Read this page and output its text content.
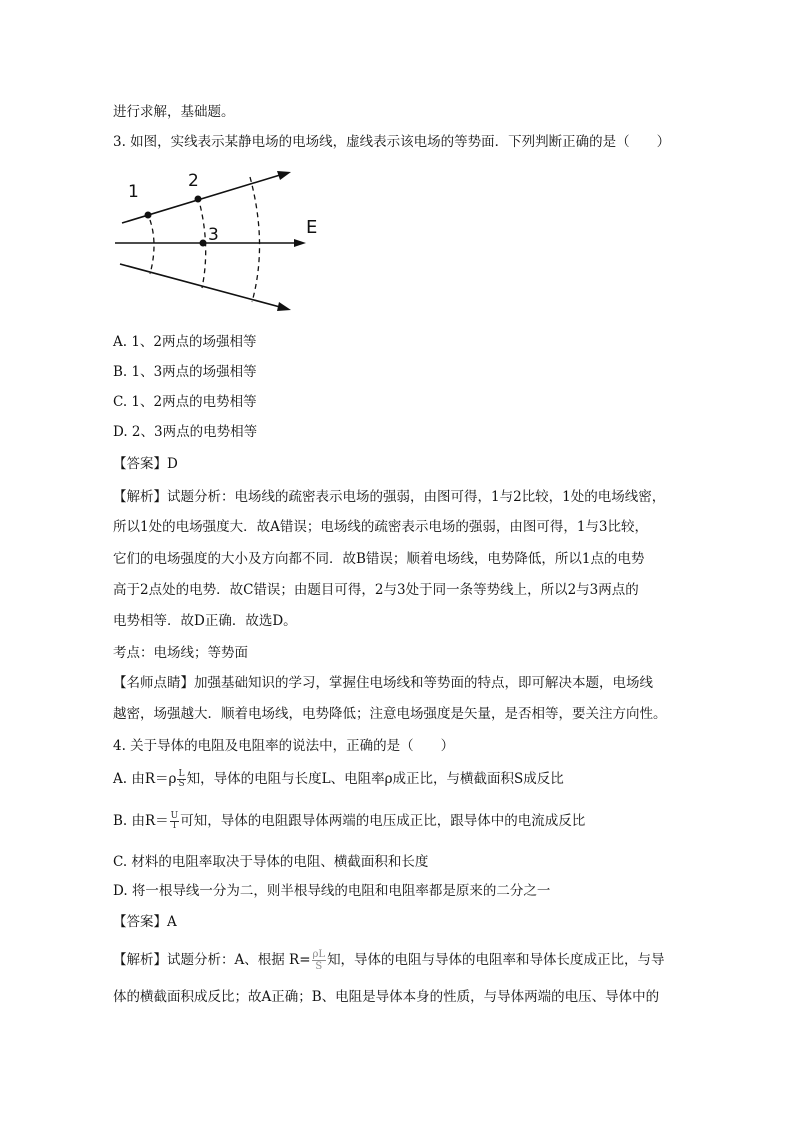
进行求解，基础题。
3. 如图，实线表示某静电场的电场线，虚线表示该电场的等势面．下列判断正确的是（　　）
1
2
3	E
A. 1、2两点的场强相等
B. 1、3两点的场强相等
C. 1、2两点的电势相等
D. 2、3两点的电势相等
【答案】D
【解析】试题分析：电场线的疏密表示电场的强弱，由图可得，1与2比较，1处的电场线密，
所以1处的电场强度大．故A错误；电场线的疏密表示电场的强弱，由图可得，1与3比较，
它们的电场强度的大小及方向都不同．故B错误；顺着电场线，电势降低，所以1点的电势
高于2点处的电势．故C错误；由题目可得，2与3处于同一条等势线上，所以2与3两点的
电势相等．故D正确．故选D。
考点：电场线；等势面
【名师点睛】加强基础知识的学习，掌握住电场线和等势面的特点，即可解决本题，电场线
越密，场强越大．顺着电场线，电势降低；注意电场强度是矢量，是否相等，要关注方向性。
4. 关于导体的电阻及电阻率的说法中，正确的是（　　）
A. 由$R=\rho \frac{L}{S}$ 知，导体的电阻与长度L、电阻率ρ成正比，与横截面积S成反比
B. 由$R= \frac{U}{I}$ 可知，导体的电阻跟导体两端的电压成正比，跟导体中的电流成反比
C. 材料的电阻率取决于导体的电阻、横截面积和长度
D. 将一根导线一分为二，则半根导线的电阻和电阻率都是原来的二分之一
【答案】A
【解析】试题分析：A、根据 $R= \frac{\rho L}{S}$ 知，导体的电阻与导体的电阻率和导体长度成正比，与导
体的横截面积成反比；故A正确；B、电阻是导体本身的性质，与导体两端的电压、导体中的
